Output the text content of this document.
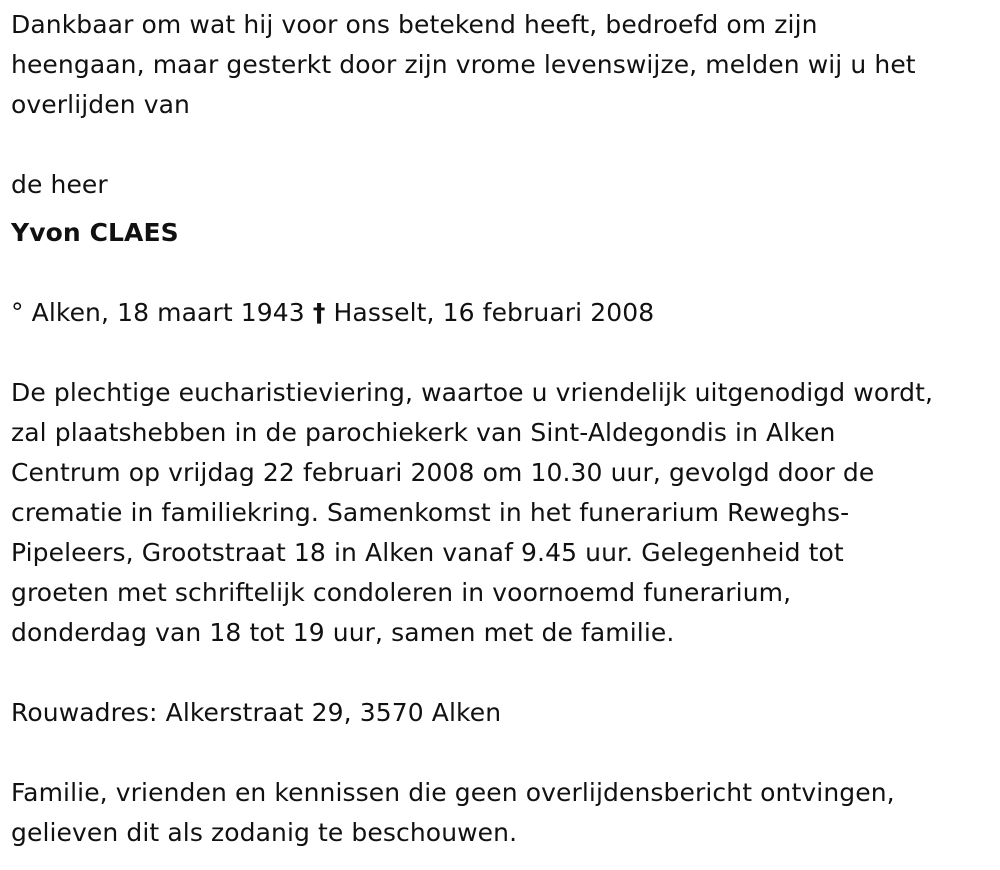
Dankbaar om wat hij voor ons betekend heeft, bedroefd om zijn
heengaan, maar gesterkt door zijn vrome levenswijze, melden wij u het
overlijden van

de heer

Yvon CLAES

° Alken, 18 maart 1943 † Hasselt, 16 februari 2008

De plechtige eucharistieviering, waartoe u vriendelijk uitgenodigd wordt,
zal plaatshebben in de parochiekerk van Sint-Aldegondis in Alken
Centrum op vrijdag 22 februari 2008 om 10.30 uur, gevolgd door de
crematie in familiekring. Samenkomst in het funerarium Reweghs-
Pipeleers, Grootstraat 18 in Alken vanaf 9.45 uur. Gelegenheid tot
groeten met schriftelijk condoleren in voornoemd funerarium,
donderdag van 18 tot 19 uur, samen met de familie.

Rouwadres: Alkerstraat 29, 3570 Alken

Familie, vrienden en kennissen die geen overlijdensbericht ontvingen,
gelieven dit als zodanig te beschouwen.
